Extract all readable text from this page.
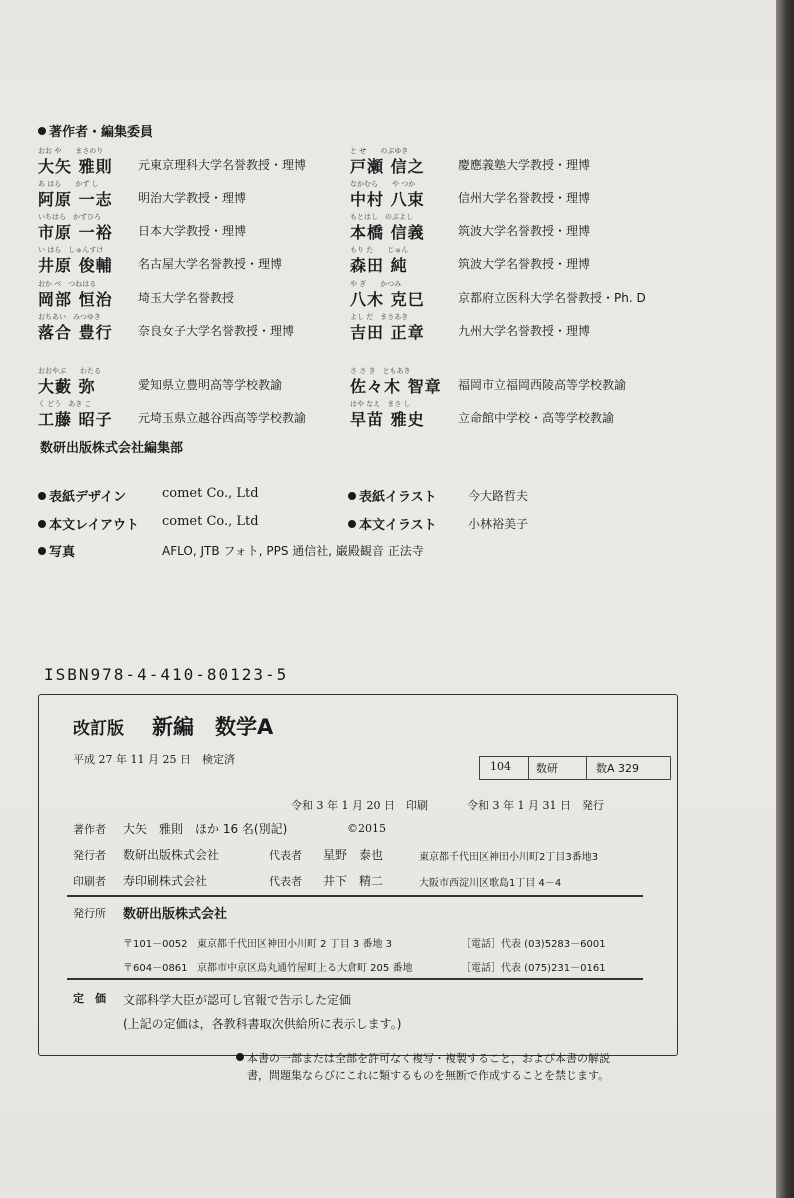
著作者・編集委員
おお や　　まさのり
大矢 雅則 元東京理科大学名誉教授・理博
あ はら　　かず し
阿原 一志 明治大学教授・理博
いちはら　かずひろ
市原 一裕 日本大学教授・理博
い はら　しゅんすけ
井原 俊輔 名古屋大学名誉教授・理博
おか べ　つねはる
岡部 恒治 埼玉大学名誉教授
おちあい　みつゆき
落合 豊行 奈良女子大学名誉教授・理博
おおやぶ　　わたる
大藪 弥	愛知県立豊明高等学校教諭
く どう　あき こ
工藤 昭子 元埼玉県立越谷西高等学校教諭
と せ　　のぶゆき
戸瀬 信之	慶應義塾大学教授・理博
なかむら　　や つか
中村 八束	信州大学名誉教授・理博
もとはし　のぶよし
本橋 信義	筑波大学名誉教授・理博
もり た　　じゅん
森田 純	筑波大学名誉教授・理博
や ぎ　　かつみ
八木 克巳	京都府立医科大学名誉教授・Ph. D
よし だ　まさあき
吉田 正章	九州大学名誉教授・理博
さ さ き　ともあき
佐々木 智章 福岡市立福岡西陵高等学校教諭
はや なえ　まさ し
早苗 雅史	立命館中学校・高等学校教諭
数研出版株式会社編集部
表紙デザイン	comet Co., Ltd	表紙イラスト	今大路哲夫
本文レイアウト comet Co., Ltd	本文イラスト	小林裕美子
写真	AFLO, JTB フォト, PPS 通信社, 巌殿観音 正法寺
ISBN978-4-410-80123-5
改訂版 新編　数学A
平成 27 年 11 月 25 日　検定済
104 数研	数A 329
令和 3 年 1 月 20 日　印刷	令和 3 年 1 月 31 日　発行
著作者 大矢　雅則　ほか 16 名(別記)	©2015
発行者 数研出版株式会社	代表者 星野　泰也	東京都千代田区神田小川町2丁目3番地3
印刷者 寿印刷株式会社	代表者 井下　精二	大阪市西淀川区歌島1丁目 4－4
発行所 数研出版株式会社
〒101－0052 東京都千代田区神田小川町 2 丁目 3 番地 3	［電話］代表 (03)5283－6001
〒604－0861 京都市中京区烏丸通竹屋町上る大倉町 205 番地	［電話］代表 (075)231－0161
定　価 文部科学大臣が認可し官報で告示した定価
(上記の定価は，各教科書取次供給所に表示します。)
本書の一部または全部を許可なく複写・複製すること，および本書の解説
書，問題集ならびにこれに類するものを無断で作成することを禁じます。
